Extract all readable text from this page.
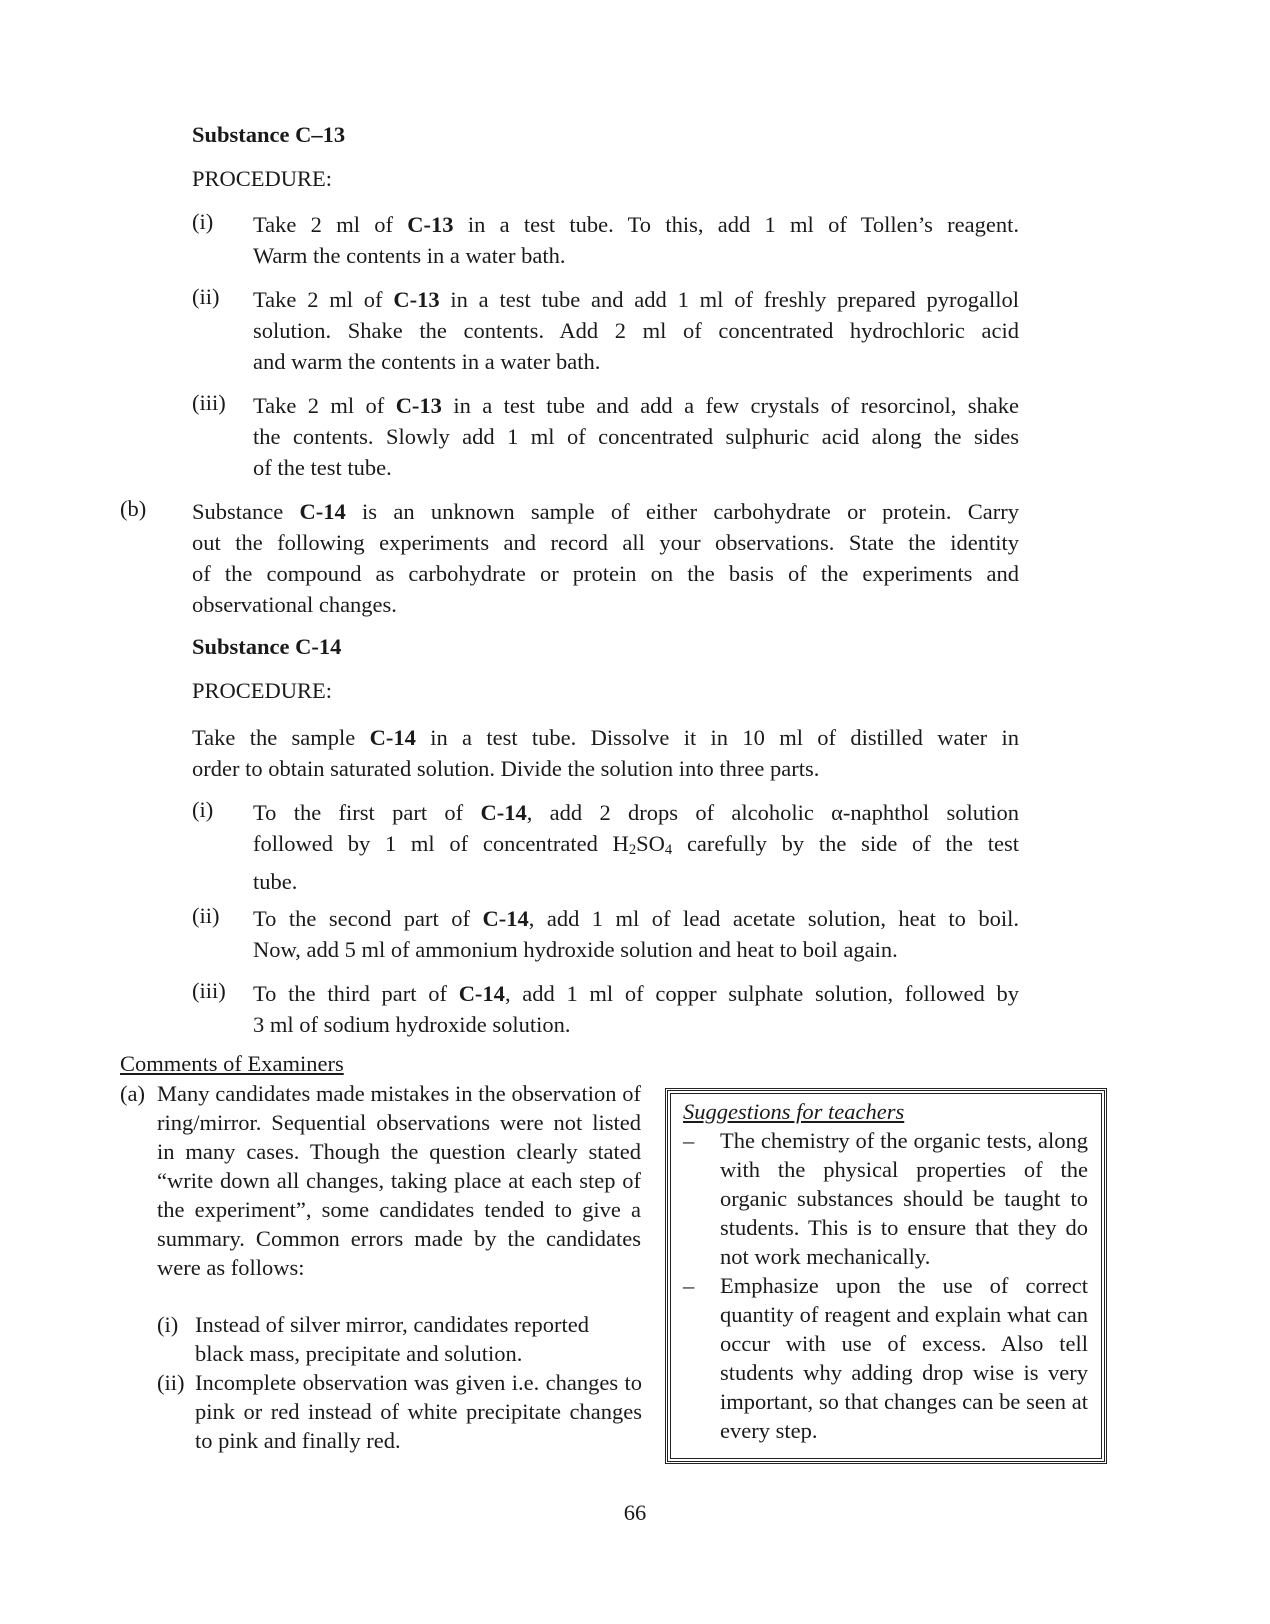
Substance C–13
PROCEDURE:
(i) Take 2 ml of C-13 in a test tube. To this, add 1 ml of Tollen’s reagent.
Warm the contents in a water bath.
(ii) Take 2 ml of C-13 in a test tube and add 1 ml of freshly prepared pyrogallol
solution. Shake the contents. Add 2 ml of concentrated hydrochloric acid
and warm the contents in a water bath.
(iii) Take 2 ml of C-13 in a test tube and add a few crystals of resorcinol, shake
the contents. Slowly add 1 ml of concentrated sulphuric acid along the sides
of the test tube.
(b) Substance C-14 is an unknown sample of either carbohydrate or protein. Carry
out the following experiments and record all your observations. State the identity
of the compound as carbohydrate or protein on the basis of the experiments and
observational changes.
Substance C-14
PROCEDURE:
Take the sample C-14 in a test tube. Dissolve it in 10 ml of distilled water in
order to obtain saturated solution. Divide the solution into three parts.
(i) To the first part of C-14, add 2 drops of alcoholic α-naphthol solution
followed by 1 ml of concentrated $H_2SO_4$ carefully by the side of the test
tube.
(ii) To the second part of C-14, add 1 ml of lead acetate solution, heat to boil.
Now, add 5 ml of ammonium hydroxide solution and heat to boil again.
(iii) To the third part of C-14, add 1 ml of copper sulphate solution, followed by
3 ml of sodium hydroxide solution.
Comments of Examiners
(a) Many candidates made mistakes in the observation of ring/mirror. Sequential observations were not listed in many cases. Though the question clearly stated “write down all changes, taking place at each step of the experiment”, some candidates tended to give a summary. Common errors made by the candidates were as follows:
(i) Instead of silver mirror, candidates reported black mass, precipitate and solution.
(ii) Incomplete observation was given i.e. changes to pink or red instead of white precipitate changes to pink and finally red.
Suggestions for teachers
– The chemistry of the organic tests, along with the physical properties of the organic substances should be taught to students. This is to ensure that they do not work mechanically.
– Emphasize upon the use of correct quantity of reagent and explain what can occur with use of excess. Also tell students why adding drop wise is very important, so that changes can be seen at every step.
66
